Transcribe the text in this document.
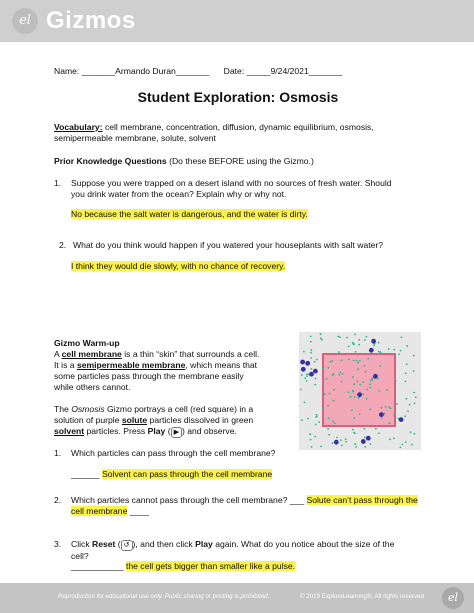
el Gizmos
Name: _______Armando Duran_______ Date: _____9/24/2021_______
Student Exploration: Osmosis
Vocabulary: cell membrane, concentration, diffusion, dynamic equilibrium, osmosis, semipermeable membrane, solute, solvent
Prior Knowledge Questions (Do these BEFORE using the Gizmo.)
1. Suppose you were trapped on a desert island with no sources of fresh water. Should you drink water from the ocean? Explain why or why not.
No because the salt water is dangerous, and the water is dirty.
2. What do you think would happen if you watered your houseplants with salt water?
I think they would die slowly, with no chance of recovery.
Gizmo Warm-up
A cell membrane is a thin “skin” that surrounds a cell. It is a semipermeable membrane, which means that some particles pass through the membrane easily while others cannot.
The Osmosis Gizmo portrays a cell (red square) in a solution of purple solute particles dissolved in green solvent particles. Press Play ( ▶ ) and observe.
1. Which particles can pass through the cell membrane?
______ Solvent can pass through the cell membrane
2. Which particles cannot pass through the cell membrane? ___ Solute can’t pass through the cell membrane ____
3. Click Reset ( ↺ ), and then click Play again. What do you notice about the size of the cell?
___________ the cell gets bigger than smaller like a pulse.
Reproduction for educational use only. Public sharing or posting is prohibited.	© 2019 ExploreLearning®. All rights reserved	el
